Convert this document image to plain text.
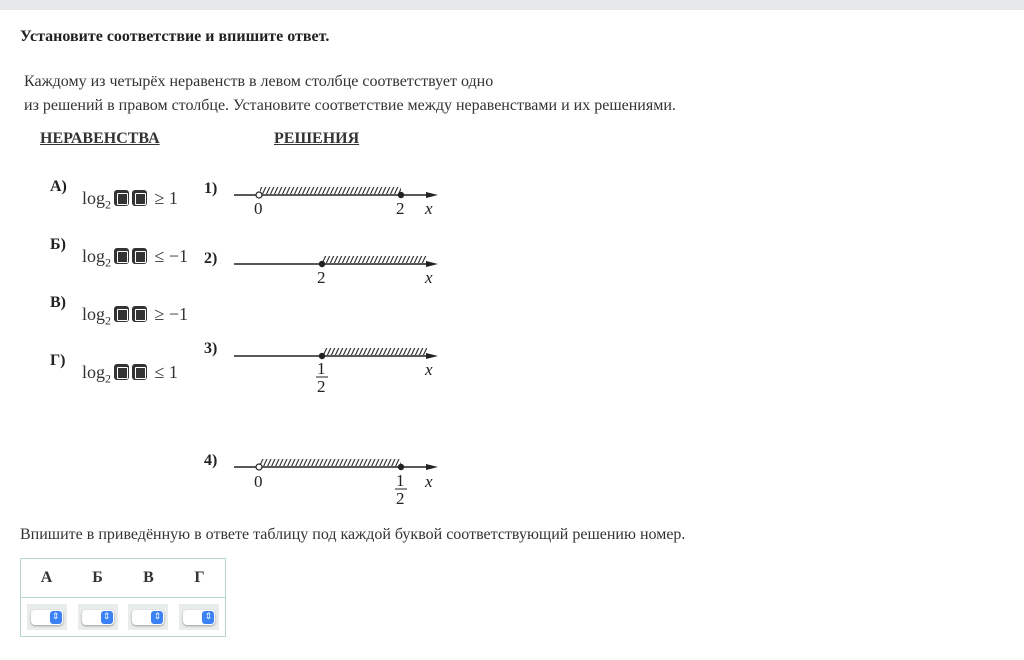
Установите соответствие и впишите ответ.
Каждому из четырёх неравенств в левом столбце соответствует одно
из решений в правом столбце. Установите соответствие между неравенствами и их решениями.
НЕРАВЕНСТВА	РЕШЕНИЯ
А)
$\log_2 \ge 1$
Б)
$\log_2 \le -1$
В)
$\log_2 \ge -1$
Г)
$\log_2 \le 1$
1)
2)
3)
4)
0	2 x
2	x
1
2
x
0	1
2
x
Впишите в приведённую в ответе таблицу под каждой буквой соответствующий решению номер.
А	Б	В	Г

⇕	⇕	⇕	⇕
